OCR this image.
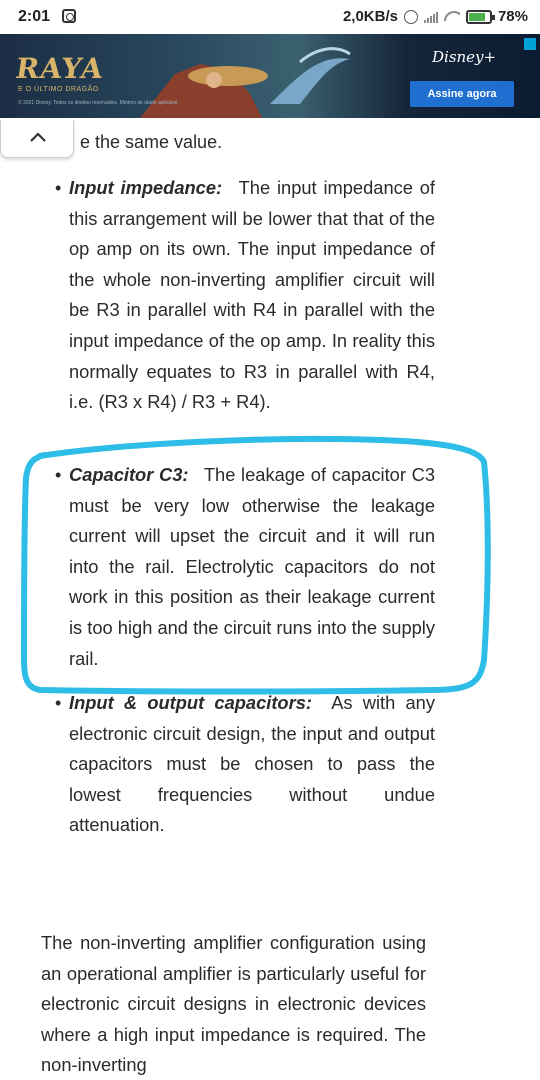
2:01	2,0KB/s	78%
RAYA
E O ÚLTIMO DRAGÃO
© 2021 Disney. Todos os direitos reservados. Mínimo de idade aplicável.
Disney+
Assine agora
e the same value.
• Input impedance: The input impedance of this arrangement will be lower that that of the op amp on its own. The input impedance of the whole non-inverting amplifier circuit will be R3 in parallel with R4 in parallel with the input impedance of the op amp. In reality this normally equates to R3 in parallel with R4, i.e. (R3 x R4) / R3 + R4).
• Capacitor C3: The leakage of capacitor C3 must be very low otherwise the leakage current will upset the circuit and it will run into the rail. Electrolytic capacitors do not work in this position as their leakage current is too high and the circuit runs into the supply rail.
• Input & output capacitors: As with any electronic circuit design, the input and output capacitors must be chosen to pass the lowest frequencies without undue attenuation.
The non-inverting amplifier configuration using an operational amplifier is particularly useful for electronic circuit designs in electronic devices where a high input impedance is required. The non-inverting
